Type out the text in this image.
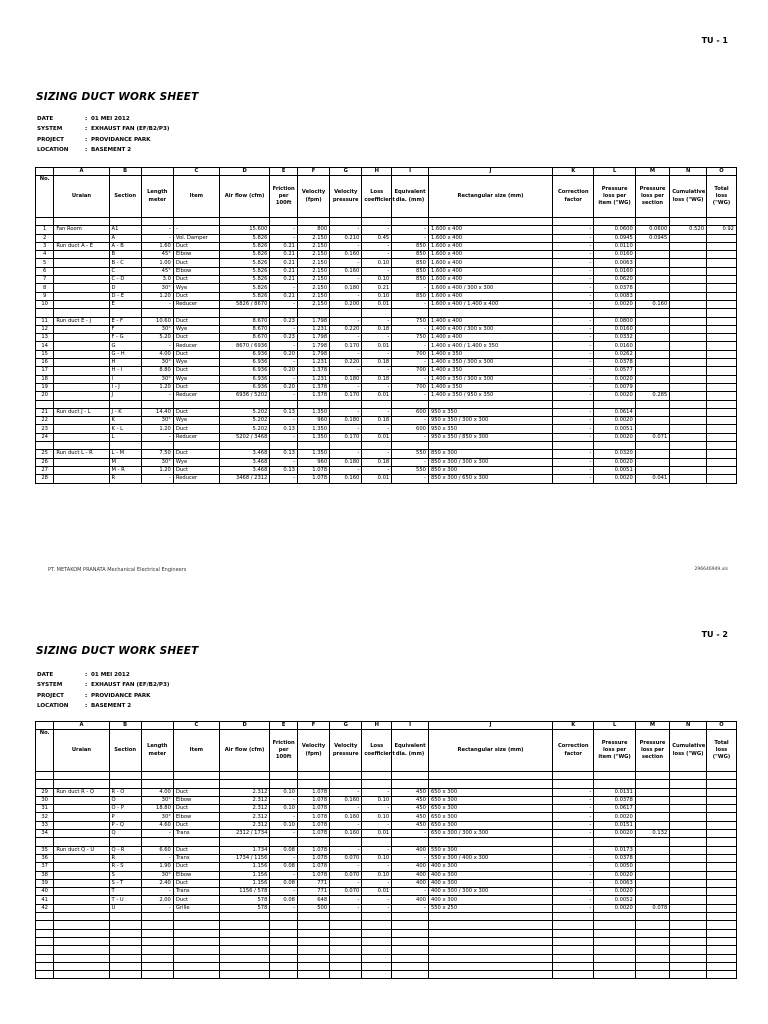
TU - 1
SIZING DUCT WORK SHEET
DATE	: 01 MEI 2012
SYSTEM	: EXHAUST FAN (EF/B2/P3)
PROJECT	: PROVIDANCE PARK
LOCATION	: BASEMENT 2
	A	B		C	D	E	F	G	H	I	J	K	L	M	N	O
No.	Uraian	Section	Length meter	Item	Air flow (cfm)	Friction per 100ft	Velocity (fpm)	Velocity pressure	Loss coefficient	Equivalent dia. (mm)	Rectangular size (mm)	Correction factor	Pressure loss per item ("WG)	Pressure loss per section	Cumulative loss ("WG)	Total loss ("WG)

1	Fan Room	A1	-	-	15.600	-	800	-	-	-	1.600 x 400	-	0.0600	0.0600	0.520	0.92
2		A	-	Vol. Damper	5.826	-	2.150	0.210	0.45	-	1.600 x 400	-	0.0945	0.0945		
3	Run duct A - E	A - B	1.60	Duct	5.826	0.21	2.150	-	-	850	1.600 x 400	-	0.0110			
4		B	45°	Elbow	5.826	0.21	2.150	0.160	-	850	1.600 x 400	-	0.0160			
5		B - C	1.00	Duct	5.826	0.21	2.150	-	0.10	850	1.600 x 400	-	0.0063			
6		C	45°	Elbow	5.826	0.21	2.150	0.160	-	850	1.600 x 400	-	0.0160			
7		C - D	3.0	Duct	5.826	0.21	2.150	-	0.10	850	1.600 x 400	-	0.0620			
8		D	30°	Wye	5.826	-	2.150	0.180	0.21	-	1.600 x 400 / 300 x 300	-	0.0378			
9		D - E	1.20	Duct	5.826	0.21	2.150	-	0.10	850	1.600 x 400	-	0.0083			
10		E	-	Reducer	5826 / 8670	-	2.150	0.200	0.01	-	1.600 x 400 / 1.400 x 400	-	0.0020	0.160		

11	Run duct E - J	E - F	10.60	Duct	8.670	0.23	1.798	-	-	750	1.400 x 400	-	0.0800			
12		F	30°	Wye	8.670	-	1.231	0.220	0.18	-	1.400 x 400 / 300 x 300	-	0.0160			
13		F - G	5.20	Duct	8.670	0.23	1.798	-	-	750	1.400 x 400	-	0.0332			
14		G	-	Reducer	8670 / 6936	-	1.798	0.170	0.01	-	1.400 x 400 / 1.400 x 350	-	0.0160			
15		G - H	4.00	Duct	6.936	0.20	1.798	-	-	700	1.400 x 350	-	0.0262			
16		H	30°	Wye	6.936	-	1.231	0.220	0.18	-	1.400 x 350 / 300 x 300	-	0.0378			
17		H - I	8.80	Duct	6.936	0.20	1.378	-	-	700	1.400 x 350	-	0.0577			
18		I	30°	Wye	6.936	-	1.231	0.180	0.18	-	1.400 x 350 / 300 x 300	-	0.0020			
19		I - J	1.20	Duct	6.936	0.20	1.378	-	-	700	1.400 x 350	-	0.0079			
20		J	-	Reducer	6936 / 5202	-	1.378	0.170	0.01	-	1.400 x 350 / 950 x 350	-	0.0020	0.285		

21	Run duct J - L	J - K	14.40	Duct	5.202	0.13	1.350	-	-	600	950 x 350	-	0.0614			
22		K	30°	Wye	5.202	-	960	0.180	0.18	-	950 x 350 / 300 x 300	-	0.0020			
23		K - L	1.20	Duct	5.202	0.13	1.350	-	-	600	950 x 350	-	0.0051			
24		L	-	Reducer	5202 / 3468	-	1.350	0.170	0.01	-	950 x 350 / 850 x 300	-	0.0020	0.071		

25	Run duct L - R	L - M	7.50	Duct	3.468	0.13	1.350	-	-	550	850 x 300	-	0.0320			
26		M	30°	Wye	3.468	-	960	0.180	0.18	-	850 x 300 / 300 x 300	-	0.0020			
27		M - R	1.20	Duct	3.468	0.13	1.078	-	-	550	850 x 300	-	0.0051			
28		R	-	Reducer	3468 / 2312	-	1.078	0.160	0.01	-	850 x 300 / 650 x 300	-	0.0020	0.041		
PT. METAKOM PRANATA Mechanical Electrical Engineers	296646949.xls
TU - 2
SIZING DUCT WORK SHEET
DATE	: 01 MEI 2012
SYSTEM	: EXHAUST FAN (EF/B2/P3)
PROJECT	: PROVIDANCE PARK
LOCATION	: BASEMENT 2
	A	B		C	D	E	F	G	H	I	J	K	L	M	N	O
No.	Uraian	Section	Length meter	Item	Air flow (cfm)	Friction per 100ft	Velocity (fpm)	Velocity pressure	Loss coefficient	Equivalent dia. (mm)	Rectangular size (mm)	Correction factor	Pressure loss per item ("WG)	Pressure loss per section	Cumulative loss ("WG)	Total loss ("WG)

29	Run duct R - Q	R - O	4.00	Duct	2.312	0.10	1.078	-	-	450	650 x 300	-	0.0131			
30		O	30°	Elbow	2.312	-	1.078	0.160	0.10	450	650 x 300	-	0.0378			
31		O - P	18.80	Duct	2.312	0.10	1.078	-	-	450	650 x 300	-	0.0617			
32		P	30°	Elbow	2.312	-	1.078	0.160	0.10	450	650 x 300	-	0.0020			
33		P - Q	4.60	Duct	2.312	0.10	1.078	-	-	450	650 x 300	-	0.0151			
34		Q	-	Trans	2312 / 1734	-	1.078	0.160	0.01	-	650 x 300 / 300 x 300	-	0.0020	0.132		

35	Run duct Q - U	Q - R	6.60	Duct	1.734	0.08	1.078	-	-	400	550 x 300	-	0.0173			
36		R	-	Trans	1734 / 1156	-	1.078	0.070	0.10	-	550 x 300 / 400 x 300	-	0.0378			
37		R - S	1.90	Duct	1.156	0.08	1.078	-	-	400	400 x 300	-	0.0050			
38		S	30°	Elbow	1.156	-	1.078	0.070	0.10	400	400 x 300	-	0.0020			
39		S - T	2.40	Duct	1.156	0.08	771	-	-	400	400 x 300	-	0.0063			
40		T	-	Trans	1156 / 578	-	771	0.070	0.01	-	400 x 300 / 300 x 300	-	0.0020			
41		T - U	2.00	Duct	578	0.08	648	-	-	400	400 x 300	-	0.0052			
42		U	-	Grille	578	-	500	-	-	-	550 x 250	-	0.0020	0.078		
